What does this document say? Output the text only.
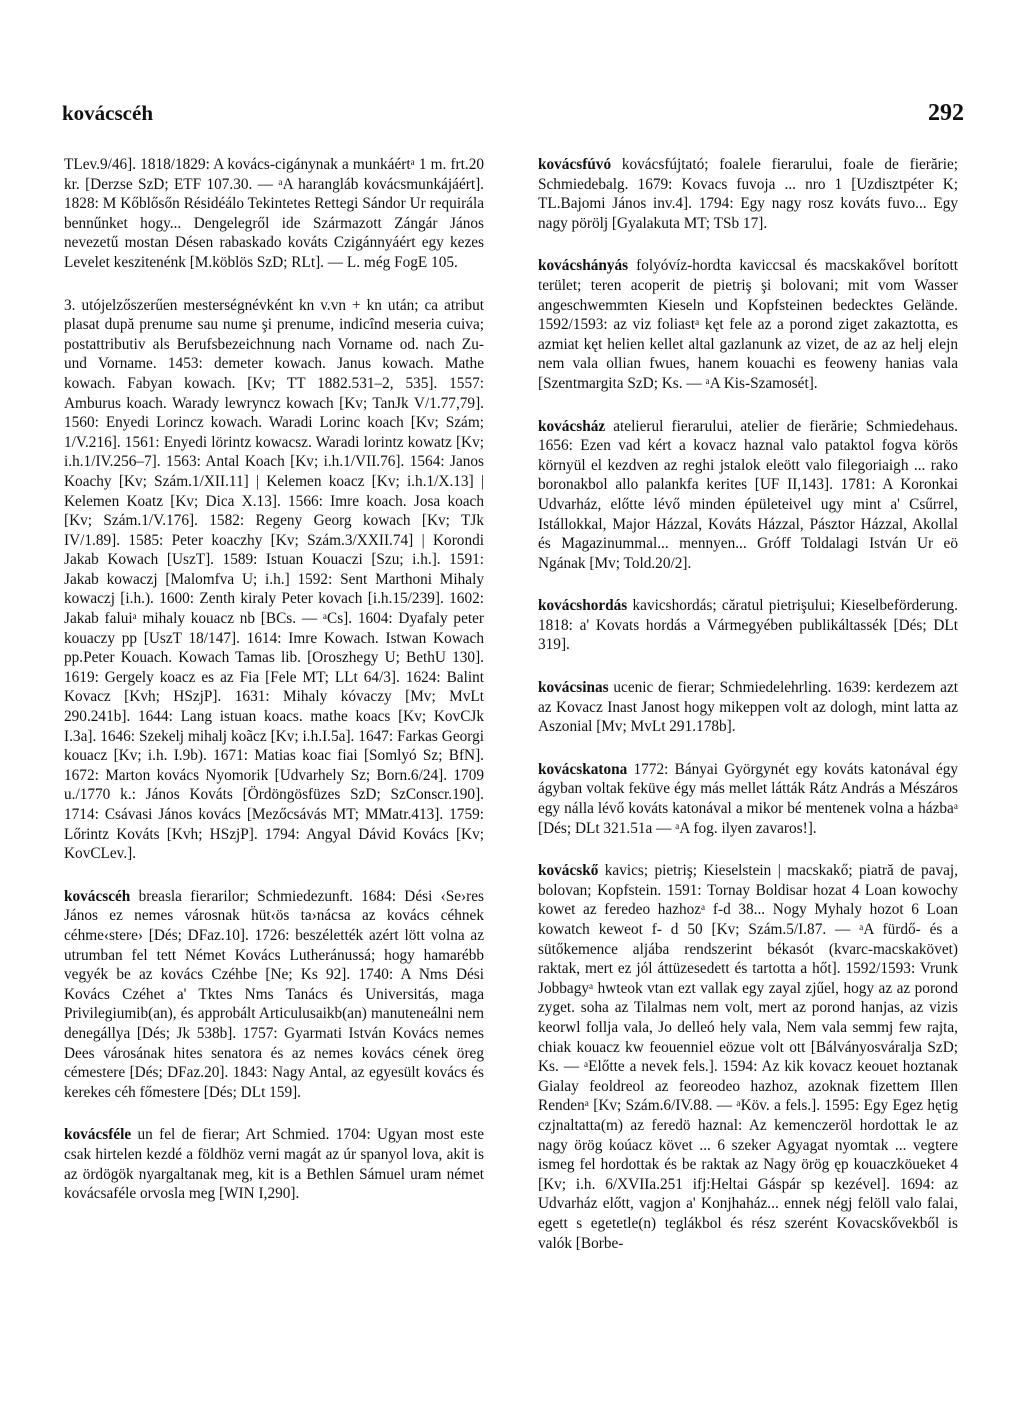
kovácscéh	292

TLev.9/46]. 1818/1829: A kovács-cigánynak a munkáértᵃ 1 m. frt.20 kr. [Derzse SzD; ETF 107.30. — ᵃA harangláb kovácsmunkájáért]. 1828: M Kőblősőn Résidéálo Tekintetes Rettegi Sándor Ur requirála bennűnket hogy... Dengelegről ide Származott Zángár János nevezetű mostan Désen rabaskado kováts Czigánnyáért egy kezes Levelet keszitenénk [M.köblös SzD; RLt]. — L. még FogE 105.

3. utójelzőszerűen mesterségnévként kn v.vn + kn után; ca atribut plasat după prenume sau nume şi prenume, indicînd meseria cuiva; postattributiv als Berufsbezeichnung nach Vorname od. nach Zu- und Vorname. 1453: demeter kowach. Janus kowach. Mathe kowach. Fabyan kowach. [Kv; TT 1882.531–2, 535]. 1557: Amburus koach. Warady lewryncz kowach [Kv; TanJk V/1.77,79]. 1560: Enyedi Lorincz kowach. Waradi Lorinc koach [Kv; Szám; 1/V.216]. 1561: Enyedi lörintz kowacsz. Waradi lorintz kowatz [Kv; i.h.1/IV.256–7]. 1563: Antal Koach [Kv; i.h.1/VII.76]. 1564: Janos Koachy [Kv; Szám.1/XII.11] | Kelemen koacz [Kv; i.h.1/X.13] | Kelemen Koatz [Kv; Dica X.13]. 1566: Imre koach. Josa koach [Kv; Szám.1/V.176]. 1582: Regeny Georg kowach [Kv; TJk IV/1.89]. 1585: Peter koaczhy [Kv; Szám.3/XXII.74] | Korondi Jakab Kowach [UszT]. 1589: Istuan Kouaczi [Szu; i.h.]. 1591: Jakab kowaczj [Malomfva U; i.h.] 1592: Sent Marthoni Mihaly kowaczj [i.h.). 1600: Zenth kiraly Peter kovach [i.h.15/239]. 1602: Jakab faluiᵃ mihaly kouacz nb [BCs. — ᵃCs]. 1604: Dyafaly peter kouaczy pp [UszT 18/147]. 1614: Imre Kowach. Istwan Kowach pp.Peter Kouach. Kowach Tamas lib. [Oroszhegy U; BethU 130]. 1619: Gergely koacz es az Fia [Fele MT; LLt 64/3]. 1624: Balint Kovacz [Kvh; HSzjP]. 1631: Mihaly kóvaczy [Mv; MvLt 290.241b]. 1644: Lang istuan koacs. mathe koacs [Kv; KovCJk I.3a]. 1646: Szekelj mihalj koãcz [Kv; i.h.I.5a]. 1647: Farkas Georgi kouacz [Kv; i.h. I.9b). 1671: Matias koac fiai [Somlyó Sz; BfN]. 1672: Marton kovács Nyomorik [Udvarhely Sz; Born.6/24]. 1709 u./1770 k.: János Kováts [Ördöngösfüzes SzD; SzConscr.190]. 1714: Csávasi János kovács [Mezőcsávás MT; MMatr.413]. 1759: Lőrintz Kováts [Kvh; HSzjP]. 1794: Angyal Dávid Kovács [Kv; KovCLev.].

kovácscéh breasla fierarilor; Schmiedezunft. 1684: Dési ‹Se›res János ez nemes városnak hüt‹ös ta›nácsa az kovács céhnek céhme‹stere› [Dés; DFaz.10]. 1726: beszélették azért lött volna az utrumban fel tett Német Kovács Lutheránussá; hogy hamarébb vegyék be az kovács Czéhbe [Ne; Ks 92]. 1740: A Nms Dési Kovács Czéhet a' Tktes Nms Tanács és Universitás, maga Privilegiumib(an), és approbált Articulusaikb(an) manuteneálni nem denegállya [Dés; Jk 538b]. 1757: Gyarmati István Kovács nemes Dees városának hites senatora és az nemes kovács cének öreg cémestere [Dés; DFaz.20]. 1843: Nagy Antal, az egyesült kovács és kerekes céh főmestere [Dés; DLt 159].

kovácsféle un fel de fierar; Art Schmied. 1704: Ugyan most este csak hirtelen kezdé a földhöz verni magát az úr spanyol lova, akit is az ördögök nyargaltanak meg, kit is a Bethlen Sámuel uram német kovácsaféle orvosla meg [WIN I,290].

kovácsfúvó kovácsfújtató; foalele fierarului, foale de fierărie; Schmiedebalg. 1679: Kovacs fuvoja ... nro 1 [Uzdisztpéter K; TL.Bajomi János inv.4]. 1794: Egy nagy rosz kováts fuvo... Egy nagy pörölj [Gyalakuta MT; TSb 17].

kovácshányás folyóvíz-hordta kaviccsal és macskakővel borított terület; teren acoperit de pietriş şi bolovani; mit vom Wasser angeschwemmten Kieseln und Kopfsteinen bedecktes Gelände. 1592/1593: az viz foliastᵃ kęt fele az a porond ziget zakaztotta, es azmiat kęt helien kellet altal gazlanunk az vizet, de az az helj elejn nem vala ollian fwues, hanem kouachi es feoweny hanias vala [Szentmargita SzD; Ks. — ᵃA Kis-Szamosét].

kovácsház atelierul fierarului, atelier de fierărie; Schmiedehaus. 1656: Ezen vad kért a kovacz haznal valo pataktol fogva körös környül el kezdven az reghi jstalok eleött valo filegoriaigh ... rako boronakbol allo palankfa kerites [UF II,143]. 1781: A Koronkai Udvarház, előtte lévő minden épületeivel ugy mint a' Csűrrel, Istállokkal, Major Házzal, Kováts Házzal, Pásztor Házzal, Akollal és Magazinummal... mennyen... Gróff Toldalagi István Ur eö Ngának [Mv; Told.20/2].

kovácshordás kavicshordás; căratul pietrişului; Kieselbeförderung. 1818: a' Kovats hordás a Vármegyében publikáltassék [Dés; DLt 319].

kovácsinas ucenic de fierar; Schmiedelehrling. 1639: kerdezem azt az Kovacz Inast Janost hogy mikeppen volt az dologh, mint latta az Aszonial [Mv; MvLt 291.178b].

kovácskatona 1772: Bányai Györgynét egy kováts katonával égy ágyban voltak feküve égy más mellet látták Rátz András a Mészáros egy nálla lévő kováts katonával a mikor bé mentenek volna a házbaᵃ [Dés; DLt 321.51a — ᵃA fog. ilyen zavaros!].

kovácskő kavics; pietriş; Kieselstein | macskakő; piatră de pavaj, bolovan; Kopfstein. 1591: Tornay Boldisar hozat 4 Loan kowochy kowet az feredeo hazhozᵃ f-d 38... Nogy Myhaly hozot 6 Loan kowatch keweot f- d 50 [Kv; Szám.5/I.87. — ᵃA fürdő- és a sütőkemence aljába rendszerint békasót (kvarc-macskakövet) raktak, mert ez jól áttüzesedett és tartotta a hőt]. 1592/1593: Vrunk Jobbagyᵃ hwteok vtan ezt vallak egy zayal zjűel, hogy az az porond zyget. soha az Tilalmas nem volt, mert az porond hanjas, az vizis keorwl follja vala, Jo delleó hely vala, Nem vala semmj few rajta, chiak kouacz kw feouenniel eözue volt ott [Bálványosváralja SzD; Ks. — ᵃElőtte a nevek fels.]. 1594: Az kik kovacz keouet hoztanak Gialay feoldreol az feoreodeo hazhoz, azoknak fizettem Illen Rendenᵃ [Kv; Szám.6/IV.88. — ᵃKöv. a fels.]. 1595: Egy Egez hętig czjnaltatta(m) az feredö haznal: Az kemenczeröl hordottak le az nagy örög koúacz követ ... 6 szeker Agyagat nyomtak ... vegtere ismeg fel hordottak és be raktak az Nagy örög ęp kouaczköueket 4 [Kv; i.h. 6/XVIIa.251 ifj:Heltai Gáspár sp kezével]. 1694: az Udvarház előtt, vagjon a' Konjhaház... ennek négj felöll valo falai, egett s egetetle(n) teglákbol és rész szerént Kovacskővekből is valók [Borbe-
